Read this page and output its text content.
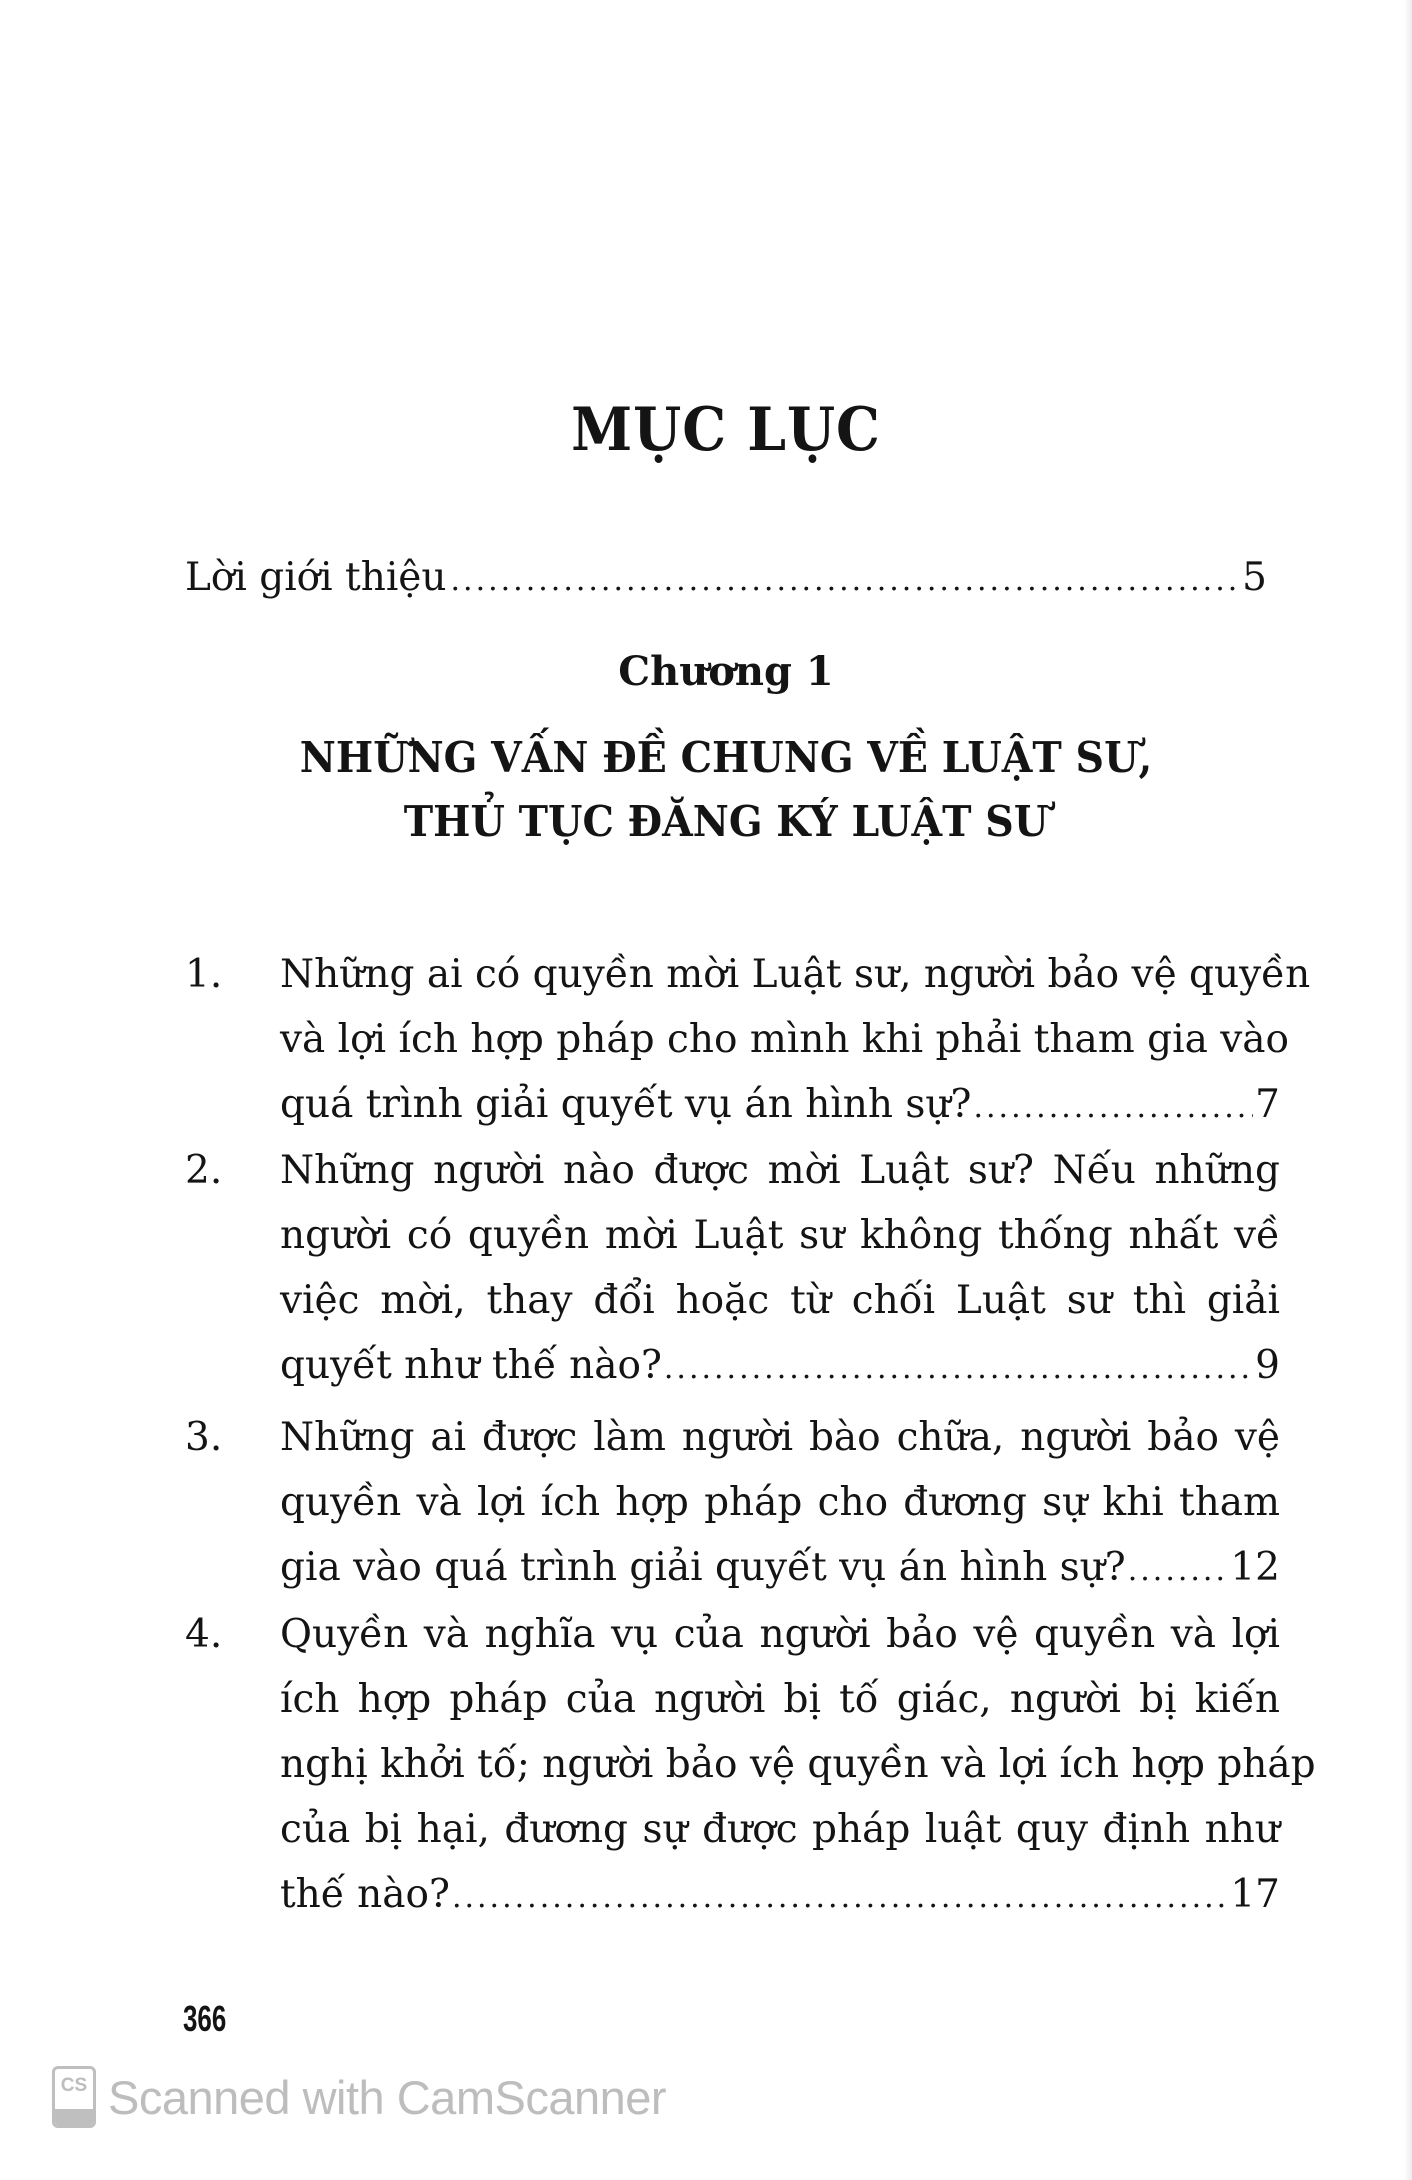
MỤC LỤC
Lời giới thiệu .....	5
Chương 1
NHỮNG VẤN ĐỀ CHUNG VỀ LUẬT SƯ,
THỦ TỤC ĐĂNG KÝ LUẬT SƯ
1. Những ai có quyền mời Luật sư, người bảo vệ quyền
và lợi ích hợp pháp cho mình khi phải tham gia vào
quá trình giải quyết vụ án hình sự? .....	7
2. Những người nào được mời Luật sư? Nếu những
người có quyền mời Luật sư không thống nhất về
việc mời, thay đổi hoặc từ chối Luật sư thì giải
quyết như thế nào? .....	9
3. Những ai được làm người bào chữa, người bảo vệ
quyền và lợi ích hợp pháp cho đương sự khi tham
gia vào quá trình giải quyết vụ án hình sự? .....	12
4. Quyền và nghĩa vụ của người bảo vệ quyền và lợi
ích hợp pháp của người bị tố giác, người bị kiến
nghị khởi tố; người bảo vệ quyền và lợi ích hợp pháp
của bị hại, đương sự được pháp luật quy định như
thế nào? .....	17
366
CS Scanned with CamScanner
